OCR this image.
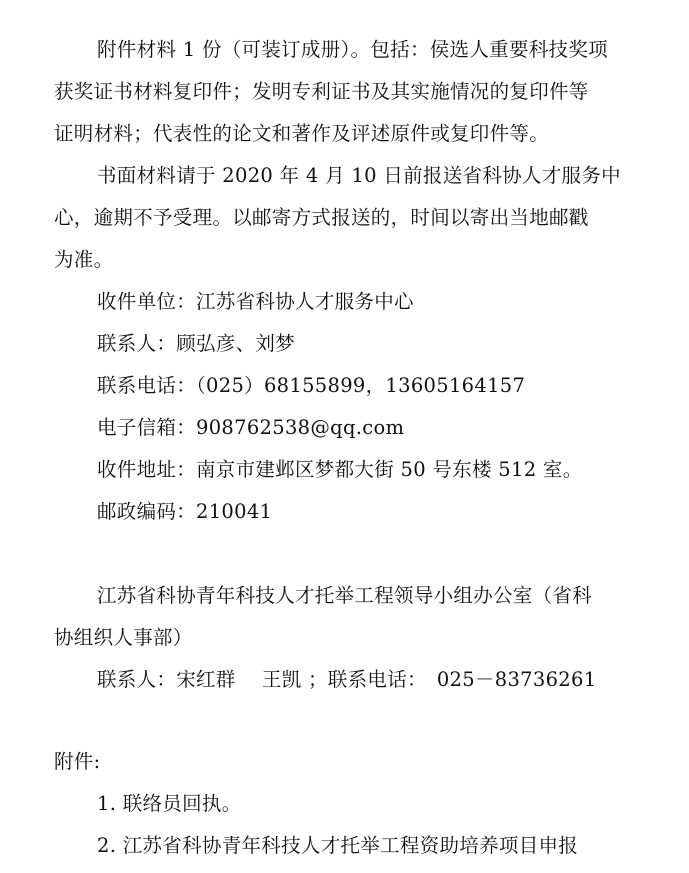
附件材料 1 份（可装订成册）。包括：侯选人重要科技奖项
获奖证书材料复印件；发明专利证书及其实施情况的复印件等
证明材料；代表性的论文和著作及评述原件或复印件等。
书面材料请于 2020 年 4 月 10 日前报送省科协人才服务中
心，逾期不予受理。以邮寄方式报送的，时间以寄出当地邮戳
为准。
收件单位：江苏省科协人才服务中心
联系人：顾弘彦、刘梦
联系电话：（025）68155899，13605164157
电子信箱：908762538@qq.com
收件地址：南京市建邺区梦都大街 50 号东楼 512 室。
邮政编码：210041
江苏省科协青年科技人才托举工程领导小组办公室（省科
协组织人事部）
联系人：宋红群　 王凯 ；联系电话：　025－83736261
附件:
1. 联络员回执。
2. 江苏省科协青年科技人才托举工程资助培养项目申报
